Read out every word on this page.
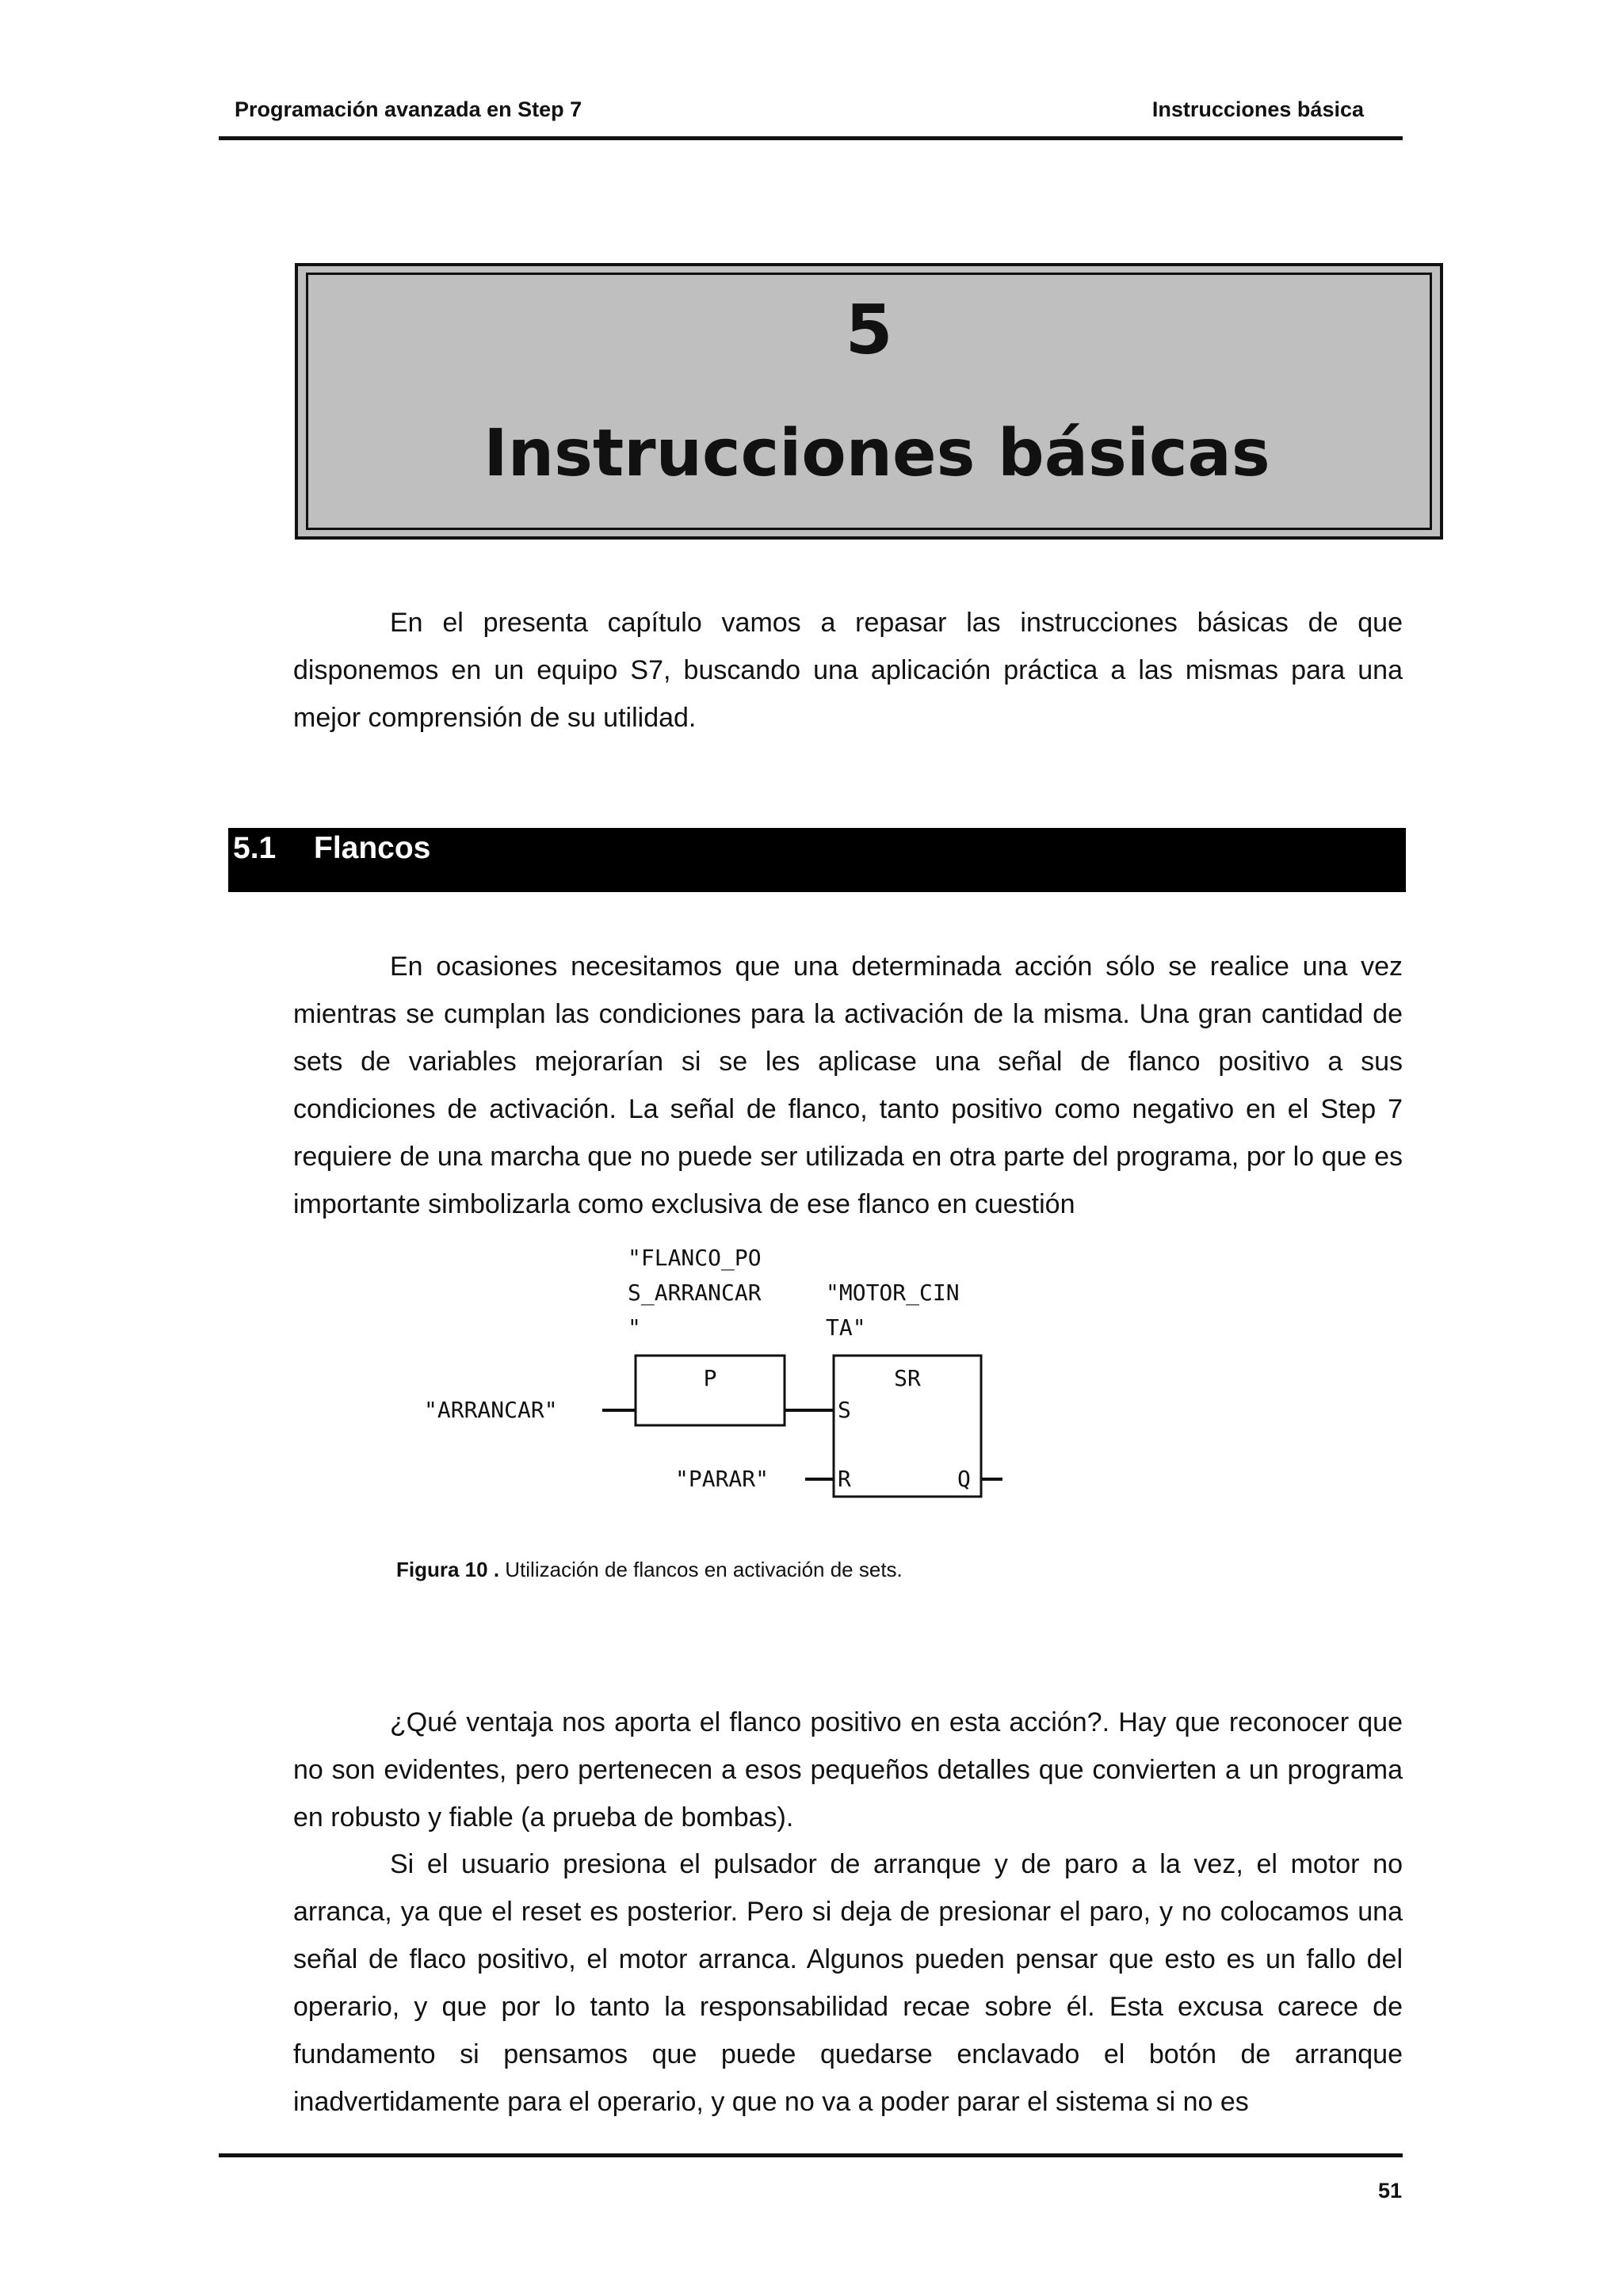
Programación avanzada en Step 7	Instrucciones básica
5
Instrucciones básicas

En el presenta capítulo vamos a repasar las instrucciones básicas de que disponemos en un equipo S7, buscando una aplicación práctica a las mismas para una mejor comprensión de su utilidad.

5.1 Flancos

En ocasiones necesitamos que una determinada acción sólo se realice una vez mientras se cumplan las condiciones para la activación de la misma. Una gran cantidad de sets de variables mejorarían si se les aplicase una señal de flanco positivo a sus condiciones de activación. La señal de flanco, tanto positivo como negativo en el Step 7 requiere de una marcha que no puede ser utilizada en otra parte del programa, por lo que es importante simbolizarla como exclusiva de ese flanco en cuestión

"FLANCO_PO
S_ARRANCAR
"
"MOTOR_CIN
TA"
P	SR
"ARRANCAR"	S
"PARAR"	R	Q
Figura 10 . Utilización de flancos en activación de sets.

¿Qué ventaja nos aporta el flanco positivo en esta acción?. Hay que reconocer que no son evidentes, pero pertenecen a esos pequeños detalles que convierten a un programa en robusto y fiable (a prueba de bombas).

Si el usuario presiona el pulsador de arranque y de paro a la vez, el motor no arranca, ya que el reset es posterior. Pero si deja de presionar el paro, y no colocamos una señal de flaco positivo, el motor arranca. Algunos pueden pensar que esto es un fallo del operario, y que por lo tanto la responsabilidad recae sobre él. Esta excusa carece de fundamento si pensamos que puede quedarse enclavado el botón de arranque inadvertidamente para el operario, y que no va a poder parar el sistema si no es

51
